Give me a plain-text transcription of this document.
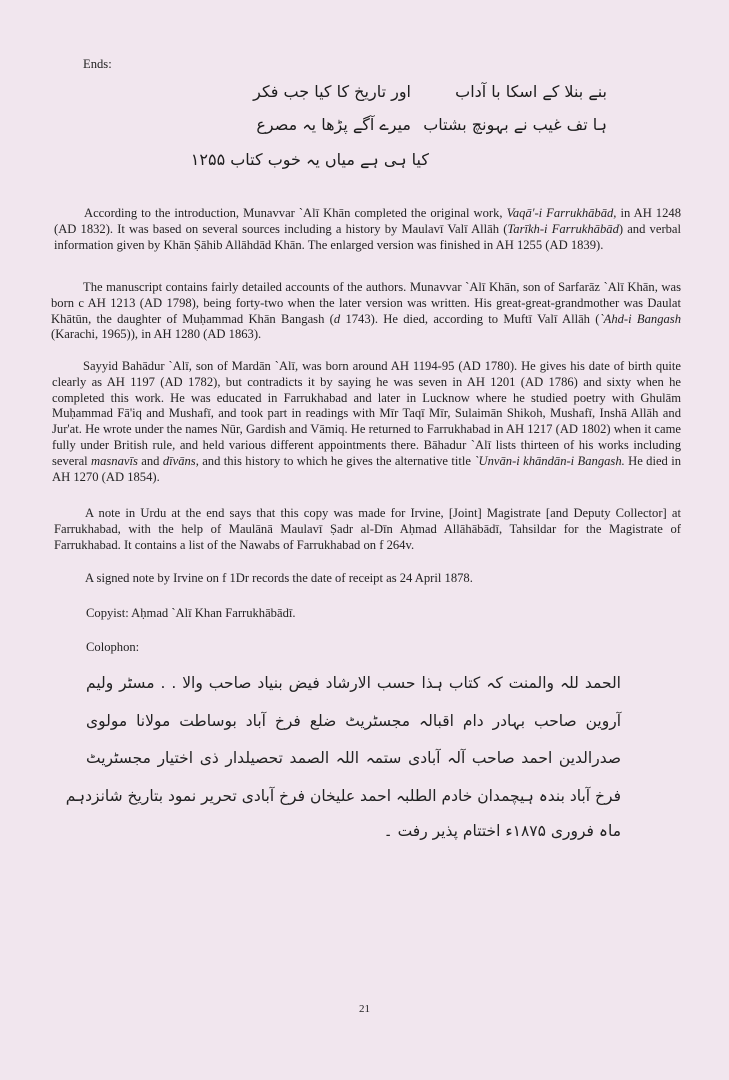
Ends:

بنے بنلا کے اسکا با آداب

اور تاریخ کا کیا جب فکر

ہا تف غیب نے بہونچ بشتاب

میرے آگے پڑھا یہ مصرع

کیا ہی ہے میاں یہ خوب کتاب ۱۲۵۵

According to the introduction, Munavvar `Alī Khān completed the original work, Vaqā'-i Farrukhābād, in AH 1248 (AD 1832). It was based on several sources including a history by Maulavī Valī Allāh (Tarīkh-i Farrukhābād) and verbal information given by Khān Ṣāhib Allāhdād Khān. The enlarged version was finished in AH 1255 (AD 1839).

The manuscript contains fairly detailed accounts of the authors. Munavvar `Alī Khān, son of Sarfarāz `Alī Khān, was born c AH 1213 (AD 1798), being forty-two when the later version was written. His great-great-grandmother was Daulat Khātūn, the daughter of Muḥammad Khān Bangash (d 1743). He died, according to Muftī Valī Allāh (`Ahd-i Bangash (Karachi, 1965)), in AH 1280 (AD 1863).

Sayyid Bahādur `Alī, son of Mardān `Alī, was born around AH 1194-95 (AD 1780). He gives his date of birth quite clearly as AH 1197 (AD 1782), but contradicts it by saying he was seven in AH 1201 (AD 1786) and sixty when he completed this work. He was educated in Farrukhabad and later in Lucknow where he studied poetry with Ghulām Muḥammad Fā'iq and Mushafī, and took part in readings with Mīr Taqī Mīr, Sulaimān Shikoh, Mushafī, Inshā Allāh and Jur'at. He wrote under the names Nūr, Gardish and Vāmiq. He returned to Farrukhabad in AH 1217 (AD 1802) when it came fully under British rule, and held various different appointments there. Bāhadur `Alī lists thirteen of his works including several masnavīs and dīvāns, and this history to which he gives the alternative title `Unvān-i khāndān-i Bangash. He died in AH 1270 (AD 1854).

A note in Urdu at the end says that this copy was made for Irvine, [Joint] Magistrate [and Deputy Collector] at Farrukhabad, with the help of Maulānā Maulavī Ṣadr al-Dīn Aḥmad Allāhābādī, Tahsildar for the Magistrate of Farrukhabad. It contains a list of the Nawabs of Farrukhabad on f 264v.

A signed note by Irvine on f 1Dr records the date of receipt as 24 April 1878.

Copyist: Aḥmad `Alī Khan Farrukhābādī.

Colophon:

الحمد للہ والمنت کہ کتاب ہذا حسب الارشاد فیض بنیاد صاحب والا . . مسٹر ولیم

آروین صاحب بہادر دام اقبالہ مجسٹریٹ ضلع فرخ آباد بوساطت مولانا مولوی

صدرالدین احمد صاحب آلہ آبادی ستمہ اللہ الصمد تحصیلدار ذی اختیار مجسٹریٹ

فرخ آباد بندہ ہیچمدان خادم الطلبہ احمد علیخان فرخ آبادی تحریر نمود بتاریخ شانزدہم

ماہ فروری ۱۸۷۵ء اختتام پذیر رفت ۔

21
